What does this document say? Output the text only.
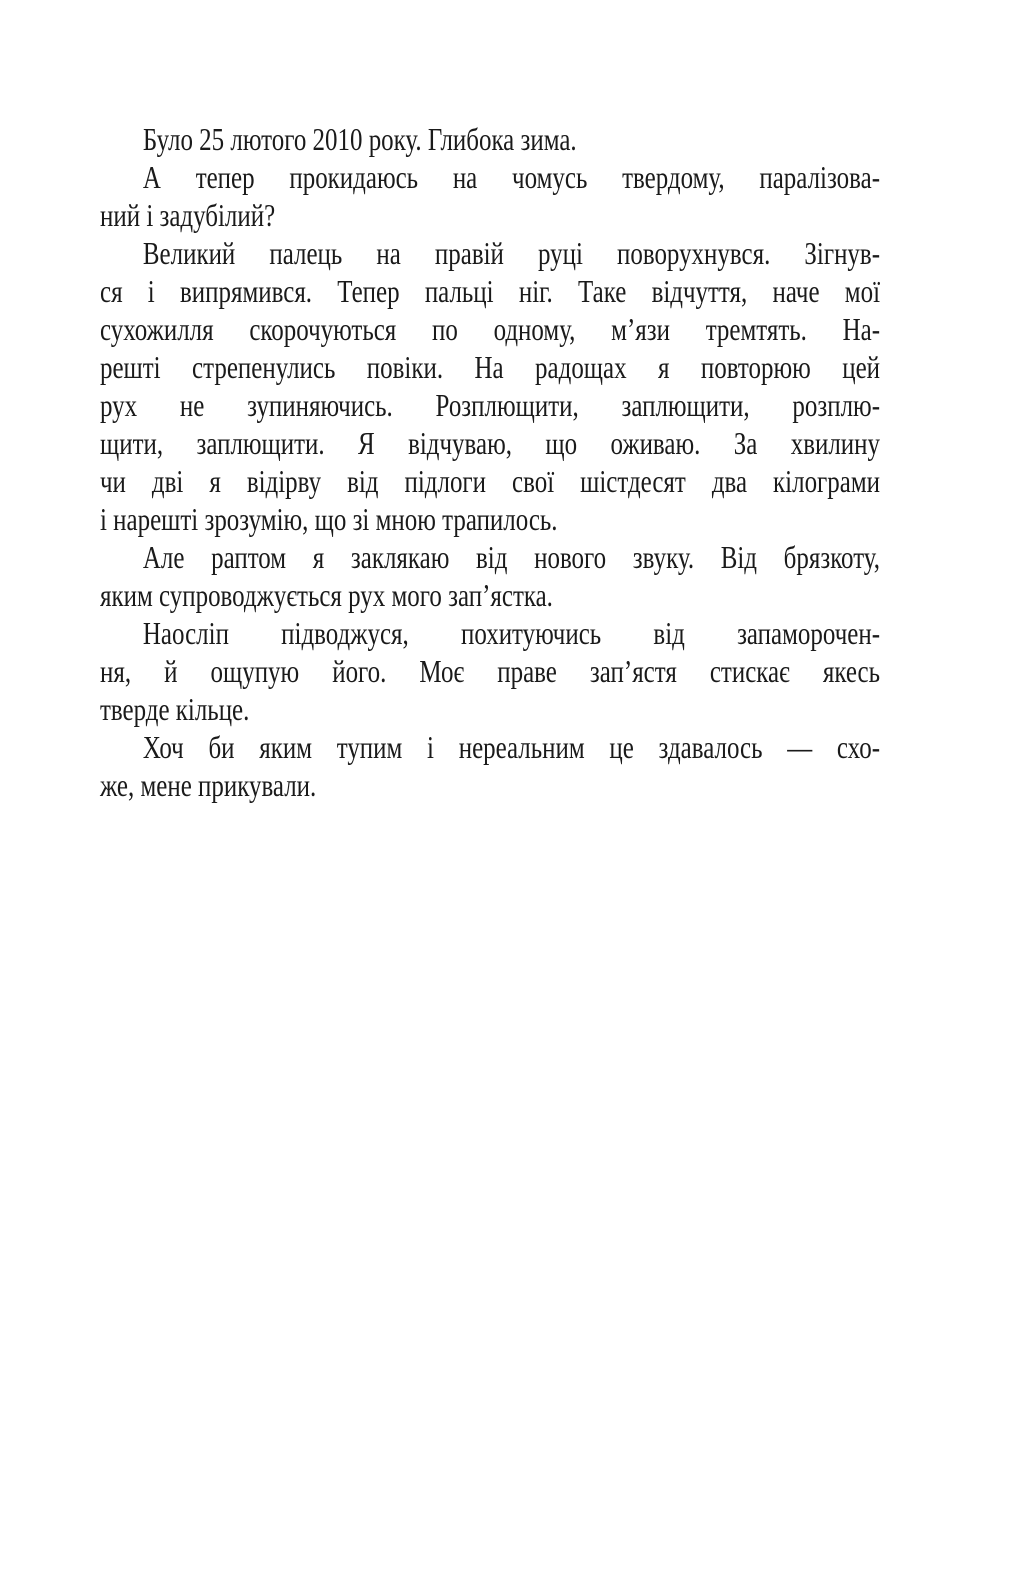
Було 25 лютого 2010 року. Глибока зима.
А тепер прокидаюсь на чомусь твердому, паралізова-
ний і задубілий?
Великий палець на правій руці поворухнувся. Зігнув-
ся і випрямився. Тепер пальці ніг. Таке відчуття, наче мої
сухожилля скорочуються по одному, м’язи тремтять. На-
решті стрепенулись повіки. На радощах я повторюю цей
рух не зупиняючись. Розплющити, заплющити, розплю-
щити, заплющити. Я відчуваю, що оживаю. За хвилину
чи дві я відірву від підлоги свої шістдесят два кілограми
і нарешті зрозумію, що зі мною трапилось.
Але раптом я заклякаю від нового звуку. Від брязкоту,
яким супроводжується рух мого зап’ястка.
Наосліп підводжуся, похитуючись від запаморочен-
ня, й ощупую його. Моє праве зап’ястя стискає якесь
тверде кільце.
Хоч би яким тупим і нереальним це здавалось — схо-
же, мене прикували.
